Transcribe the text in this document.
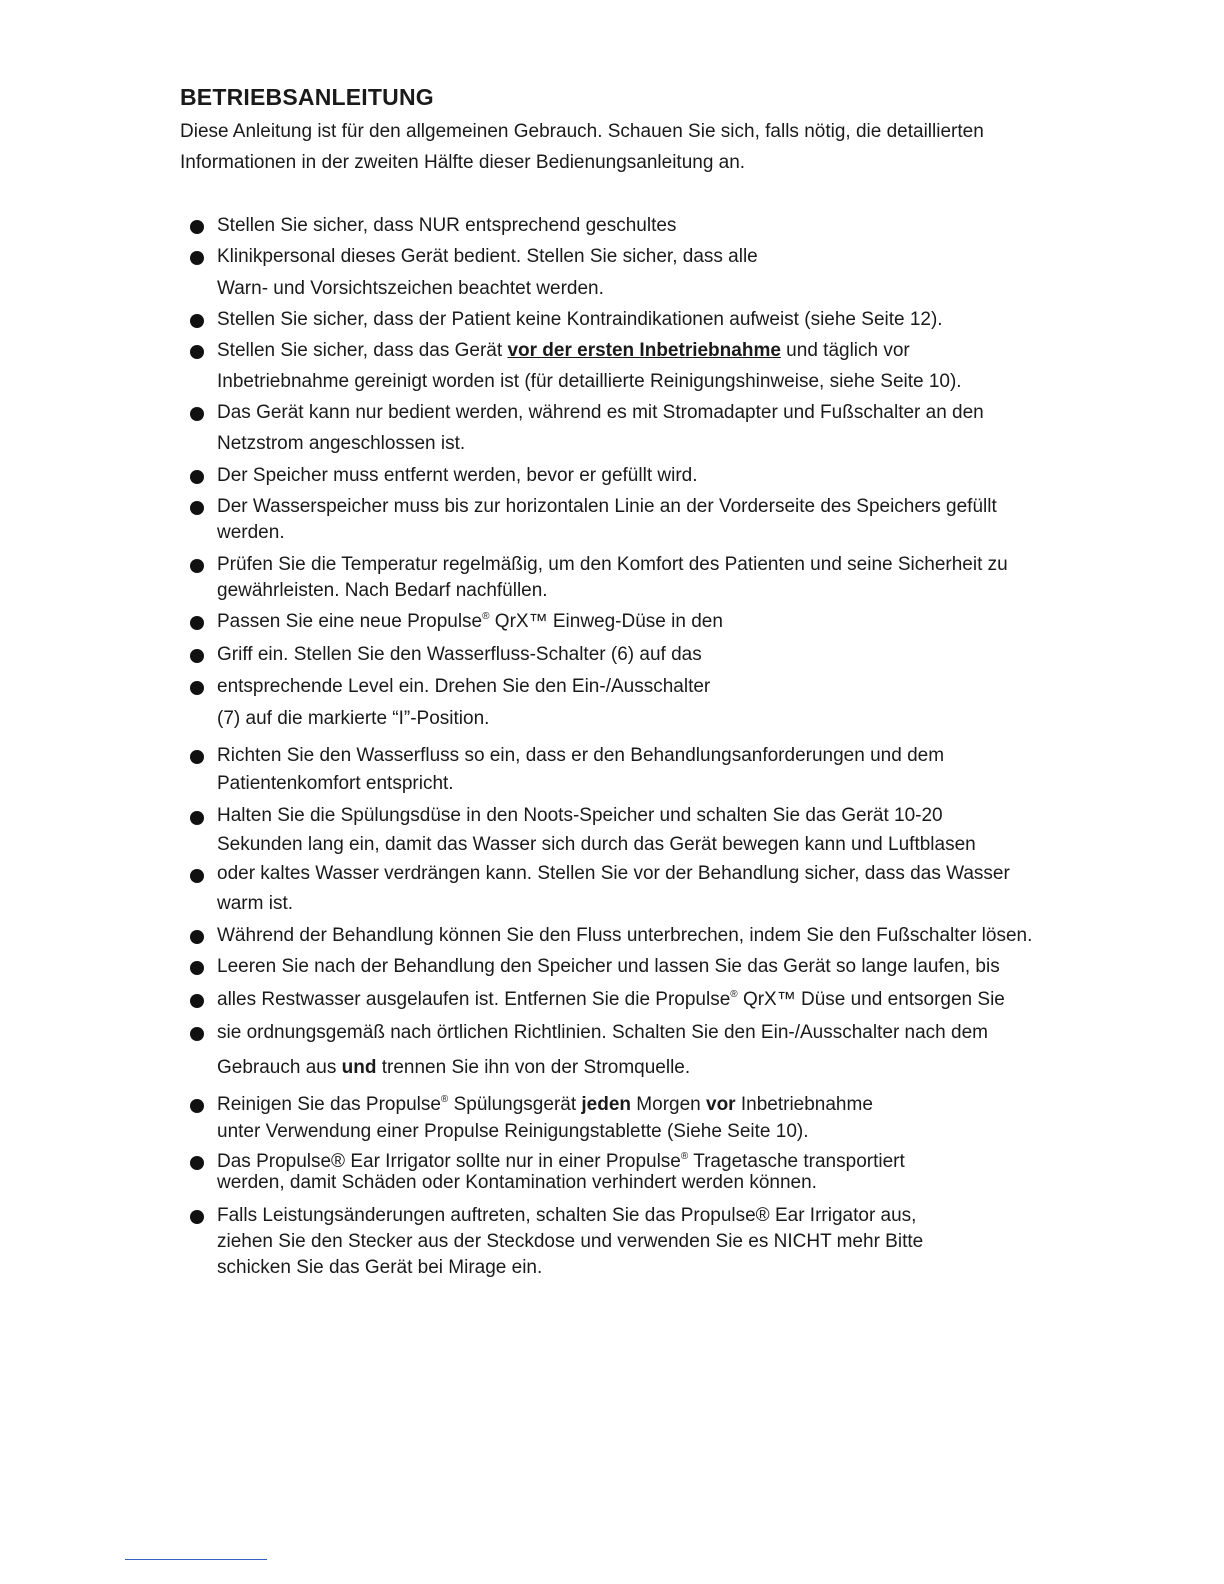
BETRIEBSANLEITUNG
Diese Anleitung ist für den allgemeinen Gebrauch. Schauen Sie sich, falls nötig, die detaillierten
Informationen in der zweiten Hälfte dieser Bedienungsanleitung an.
Stellen Sie sicher, dass NUR entsprechend geschultes
Klinikpersonal dieses Gerät bedient. Stellen Sie sicher, dass alle
Warn- und Vorsichtszeichen beachtet werden.
Stellen Sie sicher, dass der Patient keine Kontraindikationen aufweist (siehe Seite 12).
Stellen Sie sicher, dass das Gerät vor der ersten Inbetriebnahme und täglich vor
Inbetriebnahme gereinigt worden ist (für detaillierte Reinigungshinweise, siehe Seite 10).
Das Gerät kann nur bedient werden, während es mit Stromadapter und Fußschalter an den
Netzstrom angeschlossen ist.
Der Speicher muss entfernt werden, bevor er gefüllt wird.
Der Wasserspeicher muss bis zur horizontalen Linie an der Vorderseite des Speichers gefüllt
werden.
Prüfen Sie die Temperatur regelmäßig, um den Komfort des Patienten und seine Sicherheit zu
gewährleisten. Nach Bedarf nachfüllen.
Passen Sie eine neue Propulse® QrX™ Einweg-Düse in den
Griff ein. Stellen Sie den Wasserfluss-Schalter (6) auf das
entsprechende Level ein. Drehen Sie den Ein-/Ausschalter
(7) auf die markierte “I”-Position.
Richten Sie den Wasserfluss so ein, dass er den Behandlungsanforderungen und dem
Patientenkomfort entspricht.
Halten Sie die Spülungsdüse in den Noots-Speicher und schalten Sie das Gerät 10-20
Sekunden lang ein, damit das Wasser sich durch das Gerät bewegen kann und Luftblasen
oder kaltes Wasser verdrängen kann. Stellen Sie vor der Behandlung sicher, dass das Wasser
warm ist.
Während der Behandlung können Sie den Fluss unterbrechen, indem Sie den Fußschalter lösen.
Leeren Sie nach der Behandlung den Speicher und lassen Sie das Gerät so lange laufen, bis
alles Restwasser ausgelaufen ist. Entfernen Sie die Propulse® QrX™ Düse und entsorgen Sie
sie ordnungsgemäß nach örtlichen Richtlinien. Schalten Sie den Ein-/Ausschalter nach dem
Gebrauch aus und trennen Sie ihn von der Stromquelle.
Reinigen Sie das Propulse® Spülungsgerät jeden Morgen vor Inbetriebnahme
unter Verwendung einer Propulse Reinigungstablette (Siehe Seite 10).
Das Propulse® Ear Irrigator sollte nur in einer Propulse® Tragetasche transportiert
werden, damit Schäden oder Kontamination verhindert werden können.
Falls Leistungsänderungen auftreten, schalten Sie das Propulse® Ear Irrigator aus,
ziehen Sie den Stecker aus der Steckdose und verwenden Sie es NICHT mehr Bitte
schicken Sie das Gerät bei Mirage ein.
